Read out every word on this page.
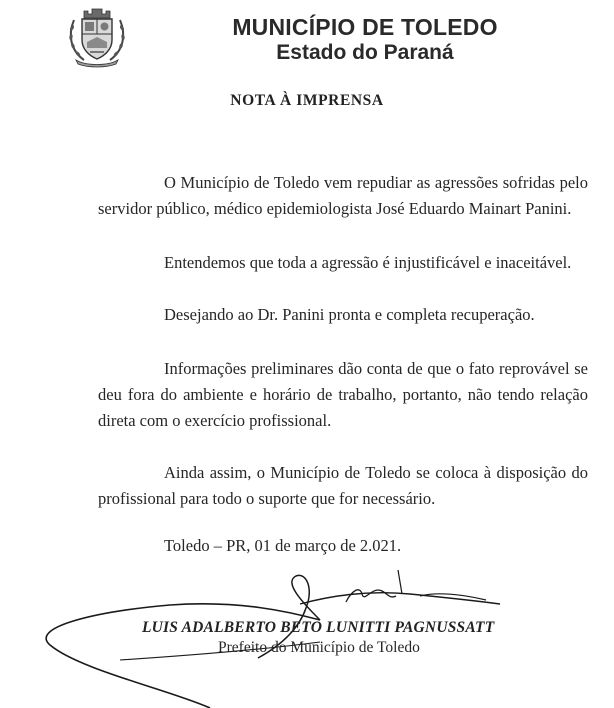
MUNICÍPIO DE TOLEDO
Estado do Paraná
NOTA À IMPRENSA

O Município de Toledo vem repudiar as agressões sofridas pelo servidor público, médico epidemiologista José Eduardo Mainart Panini.

Entendemos que toda a agressão é injustificável e inaceitável.

Desejando ao Dr. Panini pronta e completa recuperação.

Informações preliminares dão conta de que o fato reprovável se deu fora do ambiente e horário de trabalho, portanto, não tendo relação direta com o exercício profissional.

Ainda assim, o Município de Toledo se coloca à disposição do profissional para todo o suporte que for necessário.

Toledo – PR, 01 de março de 2.021.
LUIS ADALBERTO BETO LUNITTI PAGNUSSATT
Prefeito do Município de Toledo
